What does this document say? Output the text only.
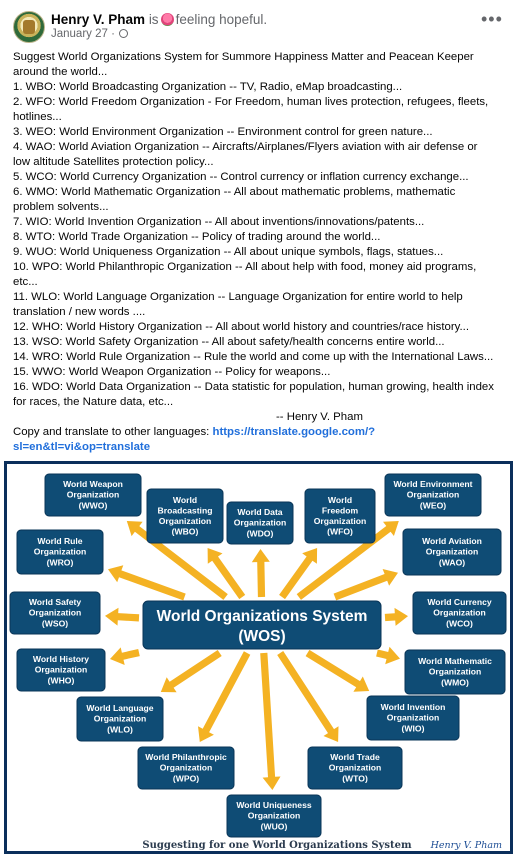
Henry V. Pham is feeling hopeful.
January 27 ·
•••
Suggest World Organizations System for Summore Happiness Matter and Peacean Keeper
around the world...
1. WBO: World Broadcasting Organization -- TV, Radio, eMap broadcasting...
2. WFO: World Freedom Organization - For Freedom, human lives protection, refugees, fleets,
hotlines...
3. WEO: World Environment Organization -- Environment control for green nature...
4. WAO: World Aviation Organization -- Aircrafts/Airplanes/Flyers aviation with air defense or
low altitude Satellites protection policy...
5. WCO: World Currency Organization -- Control currency or inflation currency exchange...
6. WMO: World Mathematic Organization -- All about mathematic problems, mathematic
problem solvents...
7. WIO: World Invention Organization -- All about inventions/innovations/patents...
8. WTO: World Trade Organization -- Policy of trading around the world...
9. WUO: World Uniqueness Organization -- All about unique symbols, flags, statues...
10. WPO: World Philanthropic Organization -- All about help with food, money aid programs,
etc...
11. WLO: World Language Organization -- Language Organization for entire world to help
translation / new words ....
12. WHO: World History Organization -- All about world history and countries/race history...
13. WSO: World Safety Organization -- All about safety/health concerns entire world...
14. WRO: World Rule Organization -- Rule the world and come up with the International Laws...
15. WWO: World Weapon Organization -- Policy for weapons...
16. WDO: World Data Organization -- Data statistic for population, human growing, health index
for races, the Nature data, etc...
-- Henry V. Pham
Copy and translate to other languages: https://translate.google.com/?
sl=en&tl=vi&op=translate
World Organizations System
(WOS)
World Weapon
Organization
(WWO)
World
Broadcasting
Organization
(WBO)
World Data
Organization
(WDO)
World
Freedom
Organization
(WFO)
World Environment
Organization
(WEO)
World Rule
Organization
(WRO)
World Aviation
Organization
(WAO)
World Safety
Organization
(WSO)
World Currency
Organization
(WCO)
World History
Organization
(WHO)
World Mathematic
Organization
(WMO)
World Language
Organization
(WLO)
World Invention
Organization
(WIO)
World Philanthropic
Organization
(WPO)
World Trade
Organization
(WTO)
World Uniqueness
Organization
(WUO)
Suggesting for one World Organizations System Henry V. Pham
